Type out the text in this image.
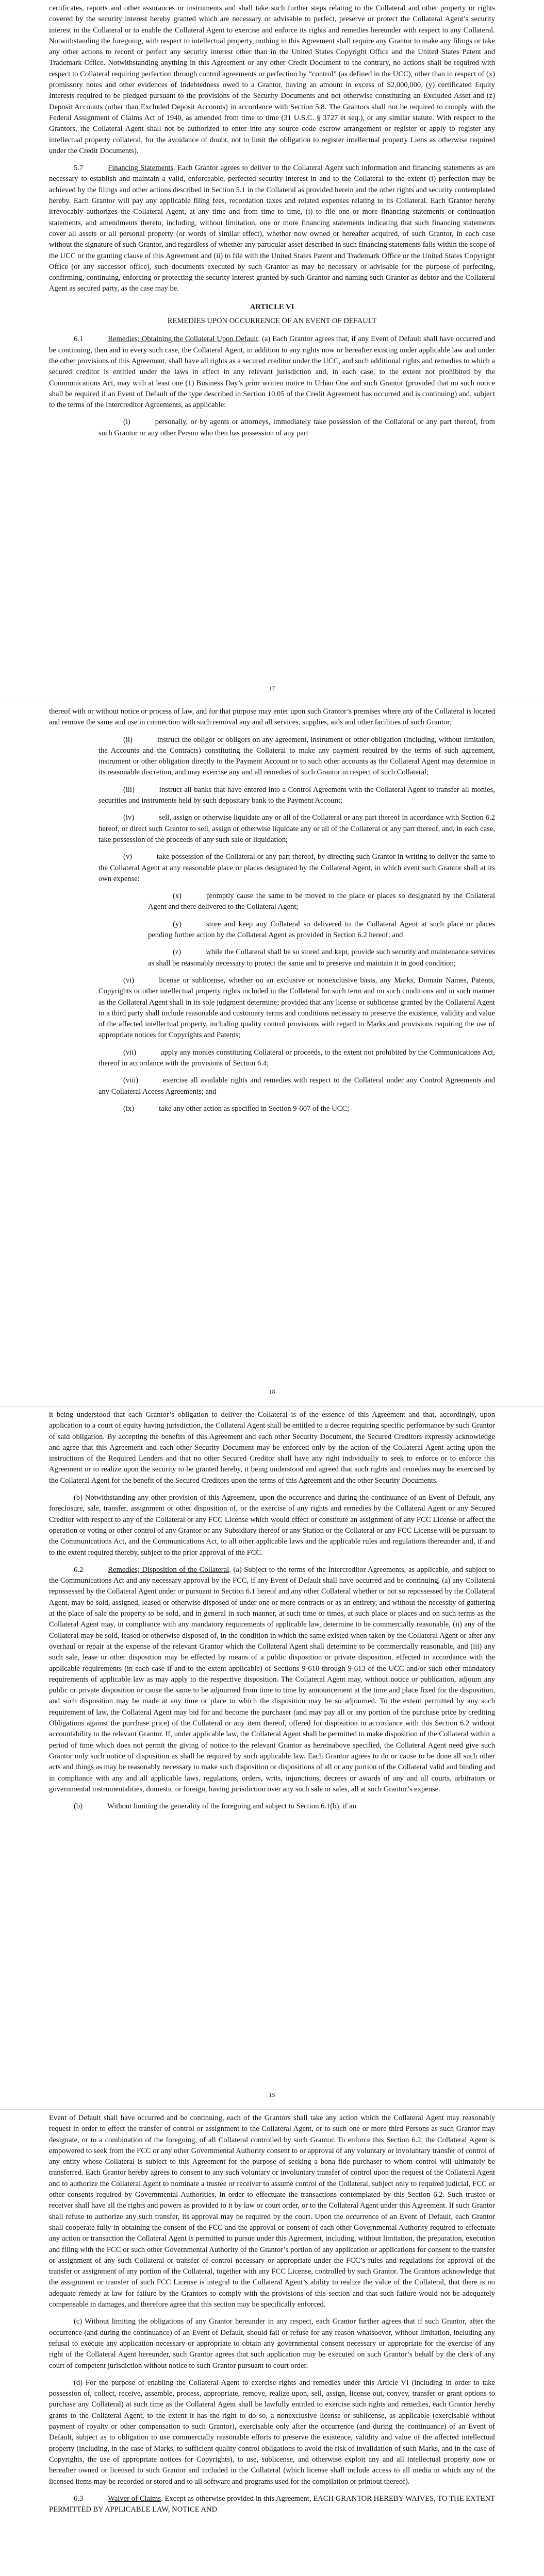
certificates, reports and other assurances or instruments and shall take such further steps relating to the Collateral and other property or rights covered by the security interest hereby granted which are necessary or advisable to perfect, preserve or protect the Collateral Agent’s security interest in the Collateral or to enable the Collateral Agent to exercise and enforce its rights and remedies hereunder with respect to any Collateral. Notwithstanding the foregoing, with respect to intellectual property, nothing in this Agreement shall require any Grantor to make any filings or take any other actions to record or perfect any security interest other than in the United States Copyright Office and the United States Patent and Trademark Office. Notwithstanding anything in this Agreement or any other Credit Document to the contrary, no actions shall be required with respect to Collateral requiring perfection through control agreements or perfection by “control” (as defined in the UCC), other than in respect of (x) promissory notes and other evidences of Indebtedness owed to a Grantor, having an amount in excess of $2,000,000, (y) certificated Equity Interests required to be pledged pursuant to the provisions of the Security Documents and not otherwise constituting an Excluded Asset and (z) Deposit Accounts (other than Excluded Deposit Accounts) in accordance with Section 5.8. The Grantors shall not be required to comply with the Federal Assignment of Claims Act of 1940, as amended from time to time (31 U.S.C. § 3727 et seq.), or any similar statute. With respect to the Grantors, the Collateral Agent shall not be authorized to enter into any source code escrow arrangement or register or apply to register any intellectual property collateral, for the avoidance of doubt, not to limit the obligation to register intellectual property Liens as otherwise required under the Credit Documents).

5.7	Financing Statements. Each Grantor agrees to deliver to the Collateral Agent such information and financing statements as are necessary to establish and maintain a valid, enforceable, perfected security interest in and to the Collateral to the extent (i) perfection may be achieved by the filings and other actions described in Section 5.1 in the Collateral as provided herein and the other rights and security contemplated hereby. Each Grantor will pay any applicable filing fees, recordation taxes and related expenses relating to its Collateral. Each Grantor hereby irrevocably authorizes the Collateral Agent, at any time and from time to time, (i) to file one or more financing statements or continuation statements, and amendments thereto, including, without limitation, one or more financing statements indicating that such financing statements cover all assets or all personal property (or words of similar effect), whether now owned or hereafter acquired, of such Grantor, in each case without the signature of such Grantor, and regardless of whether any particular asset described in such financing statements falls within the scope of the UCC or the granting clause of this Agreement and (ii) to file with the United States Patent and Trademark Office or the United States Copyright Office (or any successor office), such documents executed by such Grantor as may be necessary or advisable for the purpose of perfecting, confirming, continuing, enforcing or protecting the security interest granted by such Grantor and naming such Grantor as debtor and the Collateral Agent as secured party, as the case may be.

ARTICLE VI
REMEDIES UPON OCCURRENCE OF AN EVENT OF DEFAULT

6.1	Remedies; Obtaining the Collateral Upon Default. (a) Each Grantor agrees that, if any Event of Default shall have occurred and be continuing, then and in every such case, the Collateral Agent, in addition to any rights now or hereafter existing under applicable law and under the other provisions of this Agreement, shall have all rights as a secured creditor under the UCC, and such additional rights and remedies to which a secured creditor is entitled under the laws in effect in any relevant jurisdiction and, in each case, to the extent not prohibited by the Communications Act, may with at least one (1) Business Day’s prior written notice to Urban One and such Grantor (provided that no such notice shall be required if an Event of Default of the type described in Section 10.05 of the Credit Agreement has occurred and is continuing) and, subject to the terms of the Intercreditor Agreements, as applicable:

(i)	personally, or by agents or attorneys, immediately take possession of the Collateral or any part thereof, from such Grantor or any other Person who then has possession of any part

17

thereof with or without notice or process of law, and for that purpose may enter upon such Grantor’s premises where any of the Collateral is located and remove the same and use in connection with such removal any and all services, supplies, aids and other facilities of such Grantor;

(ii)	instruct the obligor or obligors on any agreement, instrument or other obligation (including, without limitation, the Accounts and the Contracts) constituting the Collateral to make any payment required by the terms of such agreement, instrument or other obligation directly to the Payment Account or to such other accounts as the Collateral Agent may determine in its reasonable discretion, and may exercise any and all remedies of such Grantor in respect of such Collateral;

(iii)	instruct all banks that have entered into a Control Agreement with the Collateral Agent to transfer all monies, securities and instruments held by such depositary bank to the Payment Account;

(iv)	sell, assign or otherwise liquidate any or all of the Collateral or any part thereof in accordance with Section 6.2 hereof, or direct such Grantor to sell, assign or otherwise liquidate any or all of the Collateral or any part thereof, and, in each case, take possession of the proceeds of any such sale or liquidation;

(v)	take possession of the Collateral or any part thereof, by directing such Grantor in writing to deliver the same to the Collateral Agent at any reasonable place or places designated by the Collateral Agent, in which event such Grantor shall at its own expense:

(x)	promptly cause the same to be moved to the place or places so designated by the Collateral Agent and there delivered to the Collateral Agent;

(y)	store and keep any Collateral so delivered to the Collateral Agent at such place or places pending further action by the Collateral Agent as provided in Section 6.2 hereof; and

(z)	while the Collateral shall be so stored and kept, provide such security and maintenance services as shall be reasonably necessary to protect the same and to preserve and maintain it in good condition;

(vi)	license or sublicense, whether on an exclusive or nonexclusive basis, any Marks, Domain Names, Patents, Copyrights or other intellectual property rights included in the Collateral for such term and on such conditions and in such manner as the Collateral Agent shall in its sole judgment determine; provided that any license or sublicense granted by the Collateral Agent to a third party shall include reasonable and customary terms and conditions necessary to preserve the existence, validity and value of the affected intellectual property, including quality control provisions with regard to Marks and provisions requiring the use of appropriate notices for Copyrights and Patents;

(vii)	apply any monies constituting Collateral or proceeds, to the extent not prohibited by the Communications Act, thereof in accordance with the provisions of Section 6.4;

(viii)	exercise all available rights and remedies with respect to the Collateral under any Control Agreements and any Collateral Access Agreements; and

(ix)	take any other action as specified in Section 9-607 of the UCC;

18

it being understood that each Grantor’s obligation to deliver the Collateral is of the essence of this Agreement and that, accordingly, upon application to a court of equity having jurisdiction, the Collateral Agent shall be entitled to a decree requiring specific performance by such Grantor of said obligation. By accepting the benefits of this Agreement and each other Security Document, the Secured Creditors expressly acknowledge and agree that this Agreement and each other Security Document may be enforced only by the action of the Collateral Agent acting upon the instructions of the Required Lenders and that no other Secured Creditor shall have any right individually to seek to enforce or to enforce this Agreement or to realize upon the security to be granted hereby, it being understood and agreed that such rights and remedies may be exercised by the Collateral Agent for the benefit of the Secured Creditors upon the terms of this Agreement and the other Security Documents.

(b) Notwithstanding any other provision of this Agreement, upon the occurrence and during the continuance of an Event of Default, any foreclosure, sale, transfer, assignment or other disposition of, or the exercise of any rights and remedies by the Collateral Agent or any Secured Creditor with respect to any of the Collateral or any FCC License which would effect or constitute an assignment of any FCC License or affect the operation or voting or other control of any Grantor or any Subsidiary thereof or any Station or the Collateral or any FCC License will be pursuant to the Communications Act, and the Communications Act, to all other applicable laws and the applicable rules and regulations thereunder and, if and to the extent required thereby, subject to the prior approval of the FCC.

6.2	Remedies; Disposition of the Collateral. (a) Subject to the terms of the Intercreditor Agreements, as applicable, and subject to the Communications Act and any necessary approval by the FCC, if any Event of Default shall have occurred and be continuing, (a) any Collateral repossessed by the Collateral Agent under or pursuant to Section 6.1 hereof and any other Collateral whether or not so repossessed by the Collateral Agent, may be sold, assigned, leased or otherwise disposed of under one or more contracts or as an entirety, and without the necessity of gathering at the place of sale the property to be sold, and in general in such manner, at such time or times, at such place or places and on such terms as the Collateral Agent may, in compliance with any mandatory requirements of applicable law, determine to be commercially reasonable, (ii) any of the Collateral may be sold, leased or otherwise disposed of, in the condition in which the same existed when taken by the Collateral Agent or after any overhaul or repair at the expense of the relevant Grantor which the Collateral Agent shall determine to be commercially reasonable, and (iii) any such sale, lease or other disposition may be effected by means of a public disposition or private disposition, effected in accordance with the applicable requirements (in each case if and to the extent applicable) of Sections 9-610 through 9-613 of the UCC and/or such other mandatory requirements of applicable law as may apply to the respective disposition. The Collateral Agent may, without notice or publication, adjourn any public or private disposition or cause the same to be adjourned from time to time by announcement at the time and place fixed for the disposition, and such disposition may be made at any time or place to which the disposition may be so adjourned. To the extent permitted by any such requirement of law, the Collateral Agent may bid for and become the purchaser (and may pay all or any portion of the purchase price by crediting Obligations against the purchase price) of the Collateral or any item thereof, offered for disposition in accordance with this Section 6.2 without accountability to the relevant Grantor. If, under applicable law, the Collateral Agent shall be permitted to make disposition of the Collateral within a period of time which does not permit the giving of notice to the relevant Grantor as hereinabove specified, the Collateral Agent need give such Grantor only such notice of disposition as shall be required by such applicable law. Each Grantor agrees to do or cause to be done all such other acts and things as may be reasonably necessary to make such disposition or dispositions of all or any portion of the Collateral valid and binding and in compliance with any and all applicable laws, regulations, orders, writs, injunctions, decrees or awards of any and all courts, arbitrators or governmental instrumentalities, domestic or foreign, having jurisdiction over any such sale or sales, all at such Grantor’s expense.

(b)	Without limiting the generality of the foregoing and subject to Section 6.1(b), if an

15

Event of Default shall have occurred and be continuing, each of the Grantors shall take any action which the Collateral Agent may reasonably request in order to effect the transfer of control or assignment to the Collateral Agent, or to such one or more third Persons as such Grantor may designate, or to a combination of the foregoing, of all Collateral controlled by such Grantor. To enforce this Section 6.2, the Collateral Agent is empowered to seek from the FCC or any other Governmental Authority consent to or approval of any voluntary or involuntary transfer of control of any entity whose Collateral is subject to this Agreement for the purpose of seeking a bona fide purchaser to whom control will ultimately be transferred. Each Grantor hereby agrees to consent to any such voluntary or involuntary transfer of control upon the request of the Collateral Agent and to authorize the Collateral Agent to nominate a trustee or receiver to assume control of the Collateral, subject only to required judicial, FCC or other consents required by Governmental Authorities, in order to effectuate the transactions contemplated by this Section 6.2. Such trustee or receiver shall have all the rights and powers as provided to it by law or court order, or to the Collateral Agent under this Agreement. If such Grantor shall refuse to authorize any such transfer, its approval may be required by the court. Upon the occurrence of an Event of Default, each Grantor shall cooperate fully in obtaining the consent of the FCC and the approval or consent of each other Governmental Authority required to effectuate any action or transaction the Collateral Agent is permitted to pursue under this Agreement, including, without limitation, the preparation, execution and filing with the FCC or such other Governmental Authority of the Grantor’s portion of any application or applications for consent to the transfer or assignment of any such Collateral or transfer of control necessary or appropriate under the FCC’s rules and regulations for approval of the transfer or assignment of any portion of the Collateral, together with any FCC License, controlled by such Grantor. The Grantors acknowledge that the assignment or transfer of such FCC License is integral to the Collateral Agent’s ability to realize the value of the Collateral, that there is no adequate remedy at law for failure by the Grantors to comply with the provisions of this section and that such failure would not be adequately compensable in damages, and therefore agree that this section may be specifically enforced.

(c) Without limiting the obligations of any Grantor hereunder in any respect, each Grantor further agrees that if such Grantor, after the occurrence (and during the continuance) of an Event of Default, should fail or refuse for any reason whatsoever, without limitation, including any refusal to execute any application necessary or appropriate to obtain any governmental consent necessary or appropriate for the exercise of any right of the Collateral Agent hereunder, such Grantor agrees that such application may be executed on such Grantor’s behalf by the clerk of any court of competent jurisdiction without notice to such Grantor pursuant to court order.

(d) For the purpose of enabling the Collateral Agent to exercise rights and remedies under this Article VI (including in order to take possession of, collect, receive, assemble, process, appropriate, remove, realize upon, sell, assign, license out, convey, transfer or grant options to purchase any Collateral) at such time as the Collateral Agent shall be lawfully entitled to exercise such rights and remedies, each Grantor hereby grants to the Collateral Agent, to the extent it has the right to do so, a nonexclusive license or sublicense, as applicable (exercisable without payment of royalty or other compensation to such Grantor), exercisable only after the occurrence (and during the continuance) of an Event of Default, subject as to obligation to use commercially reasonable efforts to preserve the existence, validity and value of the affected intellectual property (including, in the case of Marks, to sufficient quality control obligations to avoid the risk of invalidation of such Marks, and in the case of Copyrights, the use of appropriate notices for Copyrights), to use, sublicense, and otherwise exploit any and all intellectual property now or hereafter owned or licensed to such Grantor and included in the Collateral (which license shall include access to all media in which any of the licensed items may be recorded or stored and to all software and programs used for the compilation or printout thereof).

6.3	Waiver of Claims. Except as otherwise provided in this Agreement, EACH GRANTOR HEREBY WAIVES, TO THE EXTENT PERMITTED BY APPLICABLE LAW, NOTICE AND
